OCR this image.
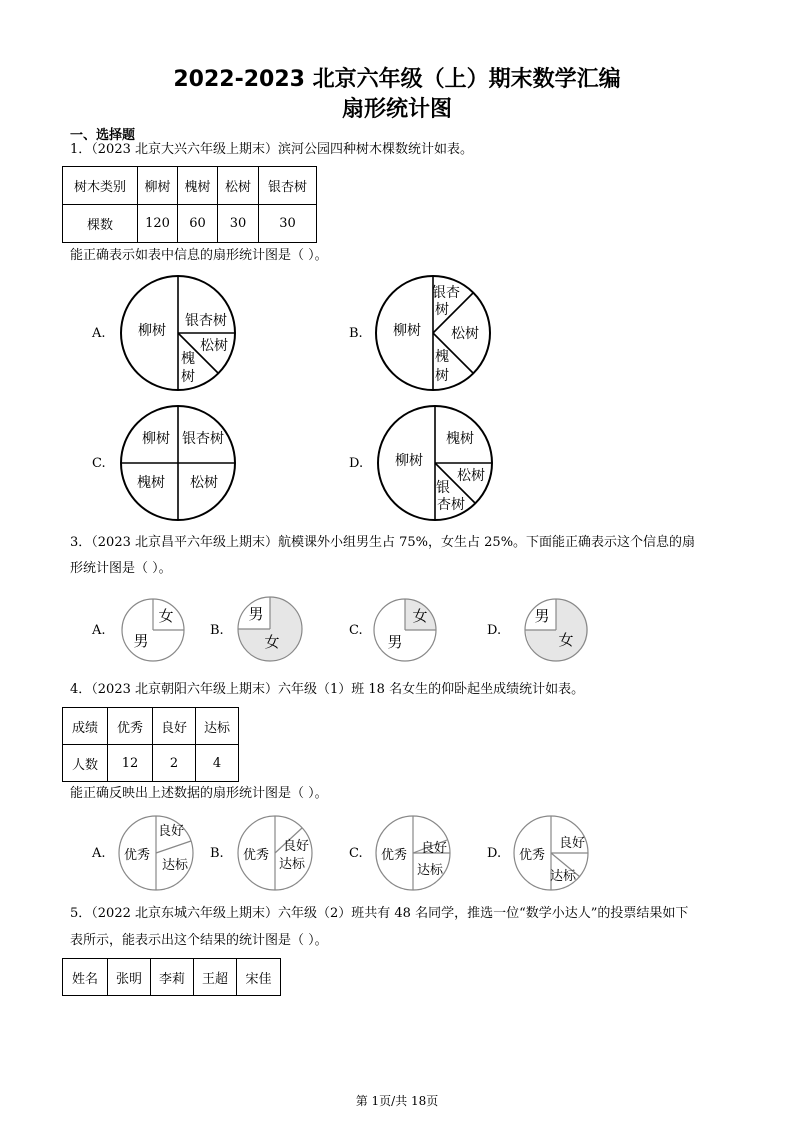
2022-2023 北京六年级（上）期末数学汇编
扇形统计图
一、选择题
1．（2023 北京大兴六年级上期末）滨河公园四种树木棵数统计如表。
树木类别	柳树	槐树	松树	银杏树
棵数	120	60	30	30
能正确表示如表中信息的扇形统计图是（ ）。
A. 柳树
银杏树
松树
槐
树
B. 柳树
银杏
树
松树
槐
树
C.
柳树 银杏树
槐树 松树
D. 柳树
槐树
松树
银
杏树
3．（2023 北京昌平六年级上期末）航模课外小组男生占 75%，女生占 25%。下面能正确表示这个信息的扇
形统计图是（ ）。
A.
女
男
B.
男
女
C.
女
男
D.
男
女
4．（2023 北京朝阳六年级上期末）六年级（1）班 18 名女生的仰卧起坐成绩统计如表。
成绩	优秀	良好	达标
人数	12	2	4
能正确反映出上述数据的扇形统计图是（ ）。
A. 优秀
良好
达标
B. 优秀
良好
达标
C. 优秀 良好
达标
D. 优秀
良好
达标
5．（2022 北京东城六年级上期末）六年级（2）班共有 48 名同学，推选一位“数学小达人”的投票结果如下
表所示，能表示出这个结果的统计图是（ ）。
姓名	张明	李莉	王超	宋佳
第 1页/共 18页
